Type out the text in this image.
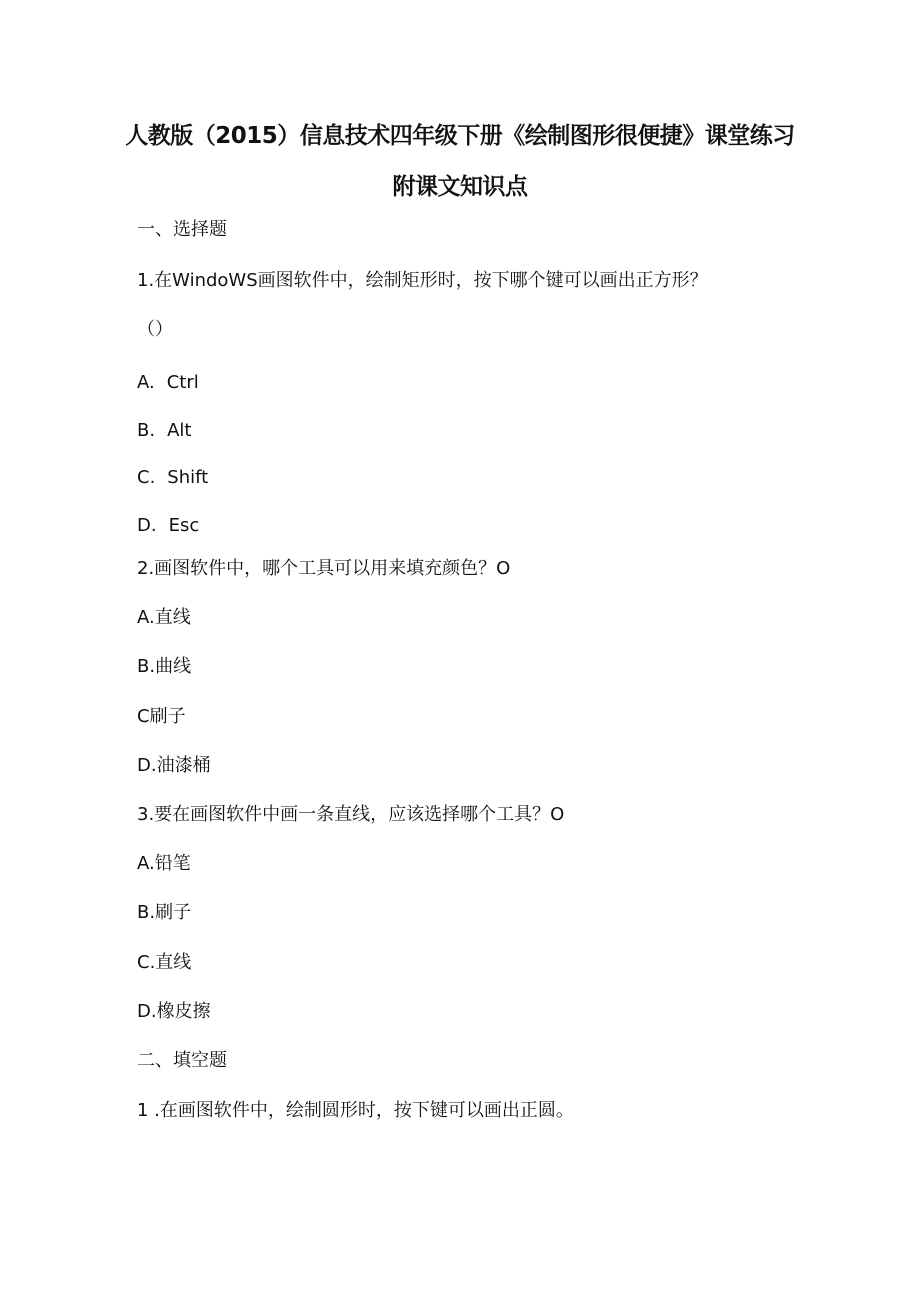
人教版（2015）信息技术四年级下册《绘制图形很便捷》课堂练习
附课文知识点

一、选择题

1.在WindoWS画图软件中，绘制矩形时，按下哪个键可以画出正方形？

（）

A. Ctrl

B. Alt

C. Shift

D. Esc

2.画图软件中，哪个工具可以用来填充颜色？O

A.直线

B.曲线

C刷子

D.油漆桶

3.要在画图软件中画一条直线，应该选择哪个工具？O

A.铅笔

B.刷子

C.直线

D.橡皮擦

二、填空题

1 .在画图软件中，绘制圆形时，按下键可以画出正圆。
